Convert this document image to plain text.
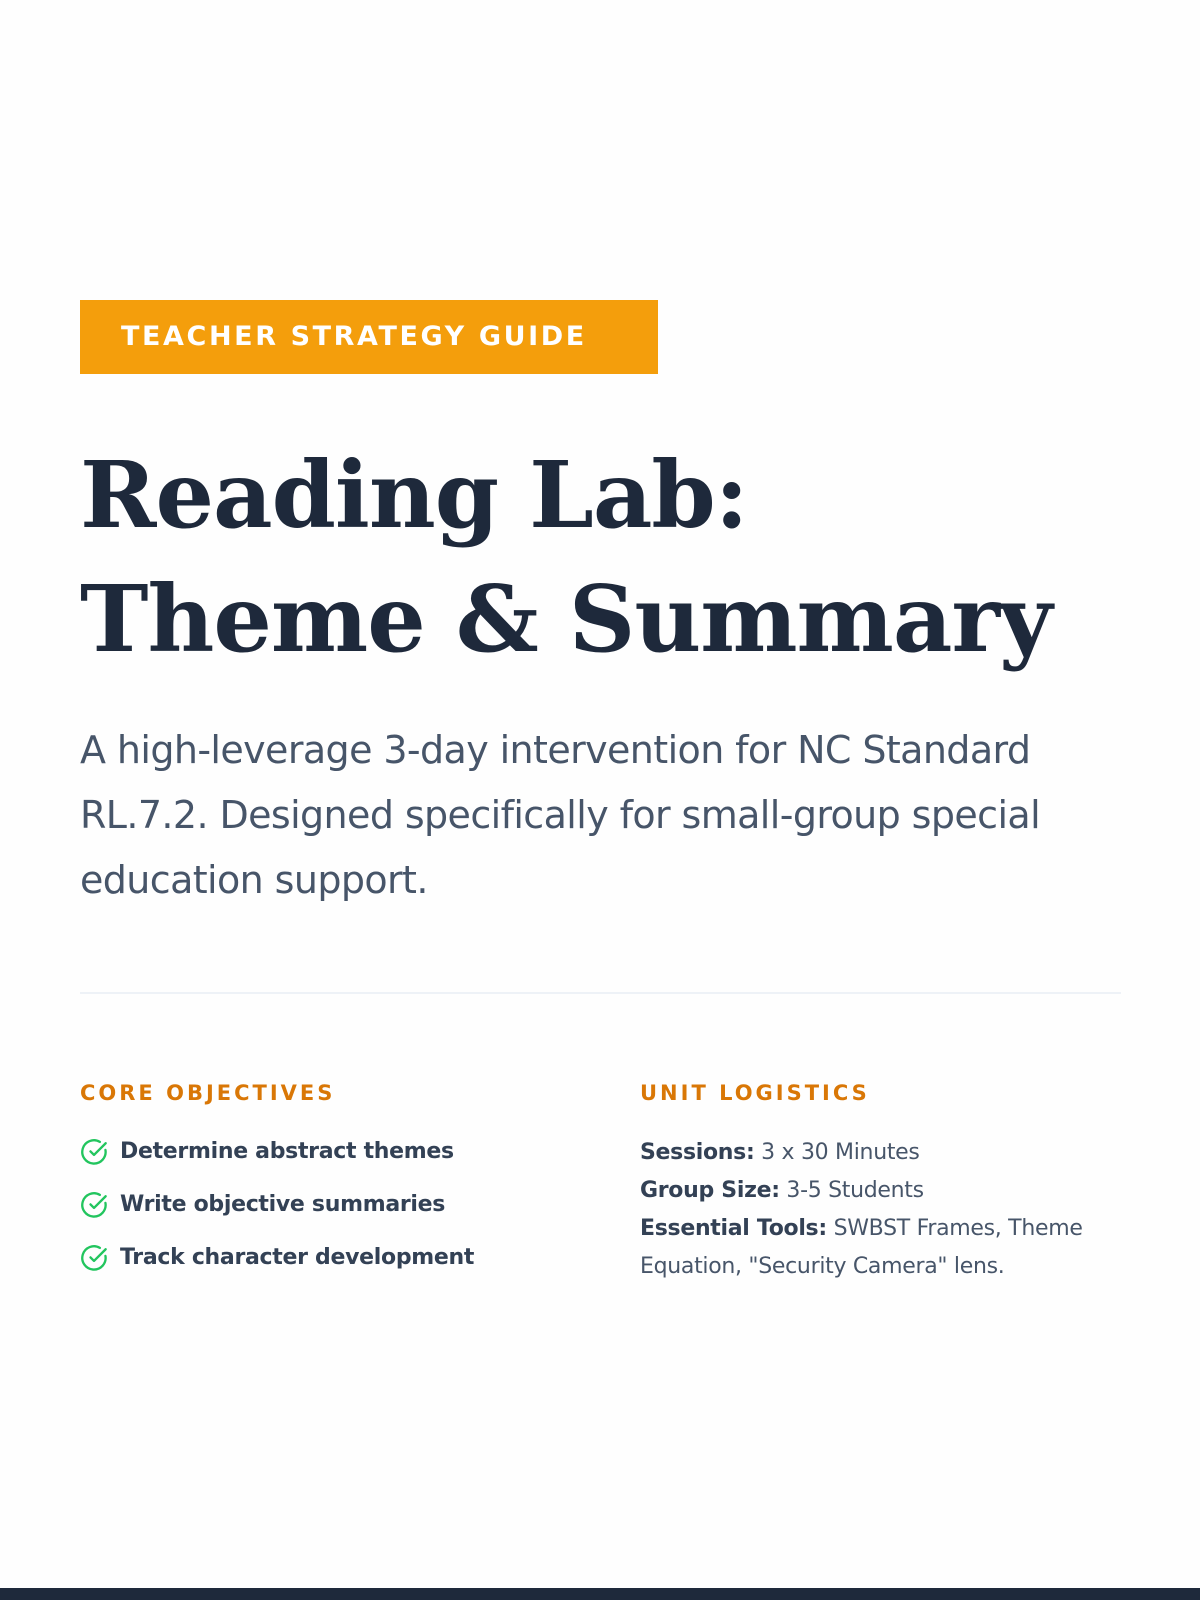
TEACHER STRATEGY GUIDE
Reading Lab:
Theme & Summary

A high-leverage 3-day intervention for NC Standard RL.7.2. Designed specifically for small-group special education support.

CORE OBJECTIVES
Determine abstract themes
Write objective summaries
Track character development
UNIT LOGISTICS

Sessions: 3 x 30 Minutes

Group Size: 3-5 Students

Essential Tools: SWBST Frames, Theme Equation, "Security Camera" lens.
